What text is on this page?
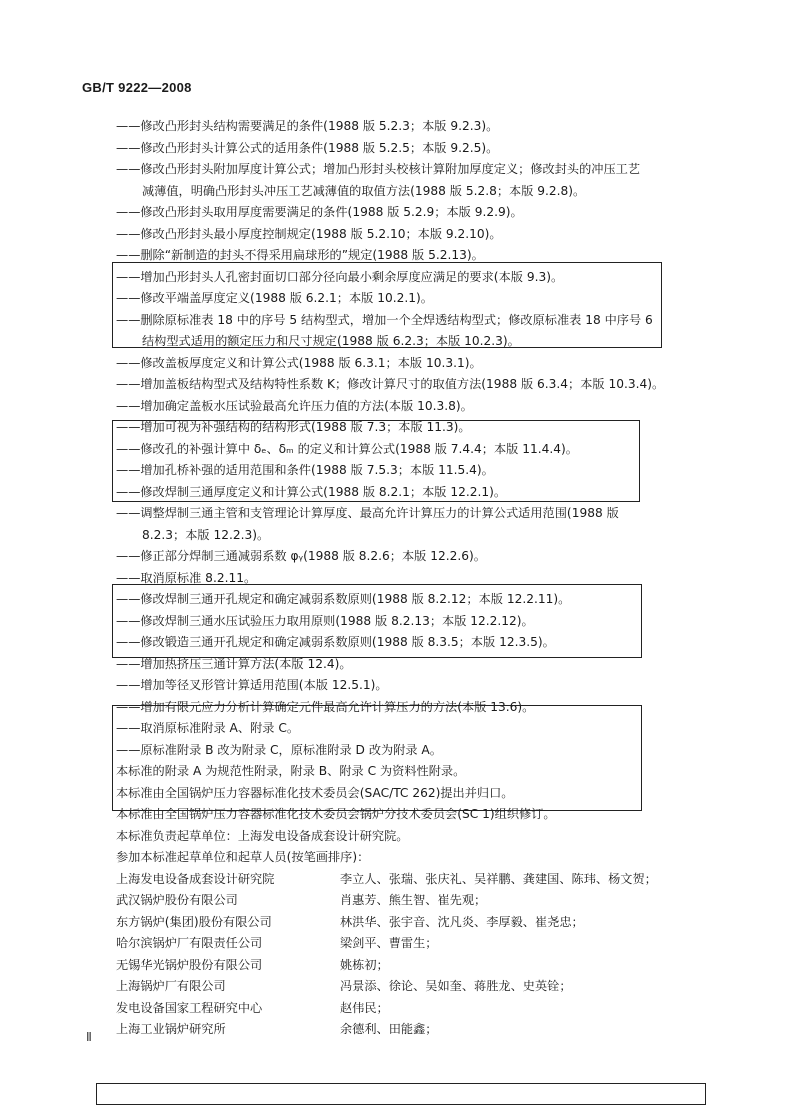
GB/T 9222—2008
——修改凸形封头结构需要满足的条件(1988 版 5.2.3；本版 9.2.3)。
——修改凸形封头计算公式的适用条件(1988 版 5.2.5；本版 9.2.5)。
——修改凸形封头附加厚度计算公式；增加凸形封头校核计算附加厚度定义；修改封头的冲压工艺
减薄值，明确凸形封头冲压工艺减薄值的取值方法(1988 版 5.2.8；本版 9.2.8)。
——修改凸形封头取用厚度需要满足的条件(1988 版 5.2.9；本版 9.2.9)。
——修改凸形封头最小厚度控制规定(1988 版 5.2.10；本版 9.2.10)。
——删除“新制造的封头不得采用扁球形的”规定(1988 版 5.2.13)。
——增加凸形封头人孔密封面切口部分径向最小剩余厚度应满足的要求(本版 9.3)。
——修改平端盖厚度定义(1988 版 6.2.1；本版 10.2.1)。
——删除原标准表 18 中的序号 5 结构型式，增加一个全焊透结构型式；修改原标准表 18 中序号 6
结构型式适用的额定压力和尺寸规定(1988 版 6.2.3；本版 10.2.3)。
——修改盖板厚度定义和计算公式(1988 版 6.3.1；本版 10.3.1)。
——增加盖板结构型式及结构特性系数 K；修改计算尺寸的取值方法(1988 版 6.3.4；本版 10.3.4)。
——增加确定盖板水压试验最高允许压力值的方法(本版 10.3.8)。
——增加可视为补强结构的结构形式(1988 版 7.3；本版 11.3)。
——修改孔的补强计算中 δₑ、δₘ 的定义和计算公式(1988 版 7.4.4；本版 11.4.4)。
——增加孔桥补强的适用范围和条件(1988 版 7.5.3；本版 11.5.4)。
——修改焊制三通厚度定义和计算公式(1988 版 8.2.1；本版 12.2.1)。
——调整焊制三通主管和支管理论计算厚度、最高允许计算压力的计算公式适用范围(1988 版
8.2.3；本版 12.2.3)。
——修正部分焊制三通减弱系数 φᵧ(1988 版 8.2.6；本版 12.2.6)。
——取消原标准 8.2.11。
——修改焊制三通开孔规定和确定减弱系数原则(1988 版 8.2.12；本版 12.2.11)。
——修改焊制三通水压试验压力取用原则(1988 版 8.2.13；本版 12.2.12)。
——修改锻造三通开孔规定和确定减弱系数原则(1988 版 8.3.5；本版 12.3.5)。
——增加热挤压三通计算方法(本版 12.4)。
——增加等径叉形管计算适用范围(本版 12.5.1)。
——增加有限元应力分析计算确定元件最高允许计算压力的方法(本版 13.6)。
——取消原标准附录 A、附录 C。
——原标准附录 B 改为附录 C，原标准附录 D 改为附录 A。
本标准的附录 A 为规范性附录，附录 B、附录 C 为资料性附录。
本标准由全国锅炉压力容器标准化技术委员会(SAC/TC 262)提出并归口。
本标准由全国锅炉压力容器标准化技术委员会锅炉分技术委员会(SC 1)组织修订。
本标准负责起草单位：上海发电设备成套设计研究院。
参加本标准起草单位和起草人员(按笔画排序)：
上海发电设备成套设计研究院	李立人、张瑞、张庆礼、吴祥鹏、龚建国、陈玮、杨文贺；
武汉锅炉股份有限公司	肖惠芳、熊生智、崔先观；
东方锅炉(集团)股份有限公司	林洪华、张宇音、沈凡炎、李厚毅、崔尧忠；
哈尔滨锅炉厂有限责任公司	梁剑平、曹雷生；
无锡华光锅炉股份有限公司	姚栋初；
上海锅炉厂有限公司	冯景添、徐论、吴如奎、蒋胜龙、史英铨；
发电设备国家工程研究中心	赵伟民；
上海工业锅炉研究所	余德利、田能鑫；
Ⅱ
